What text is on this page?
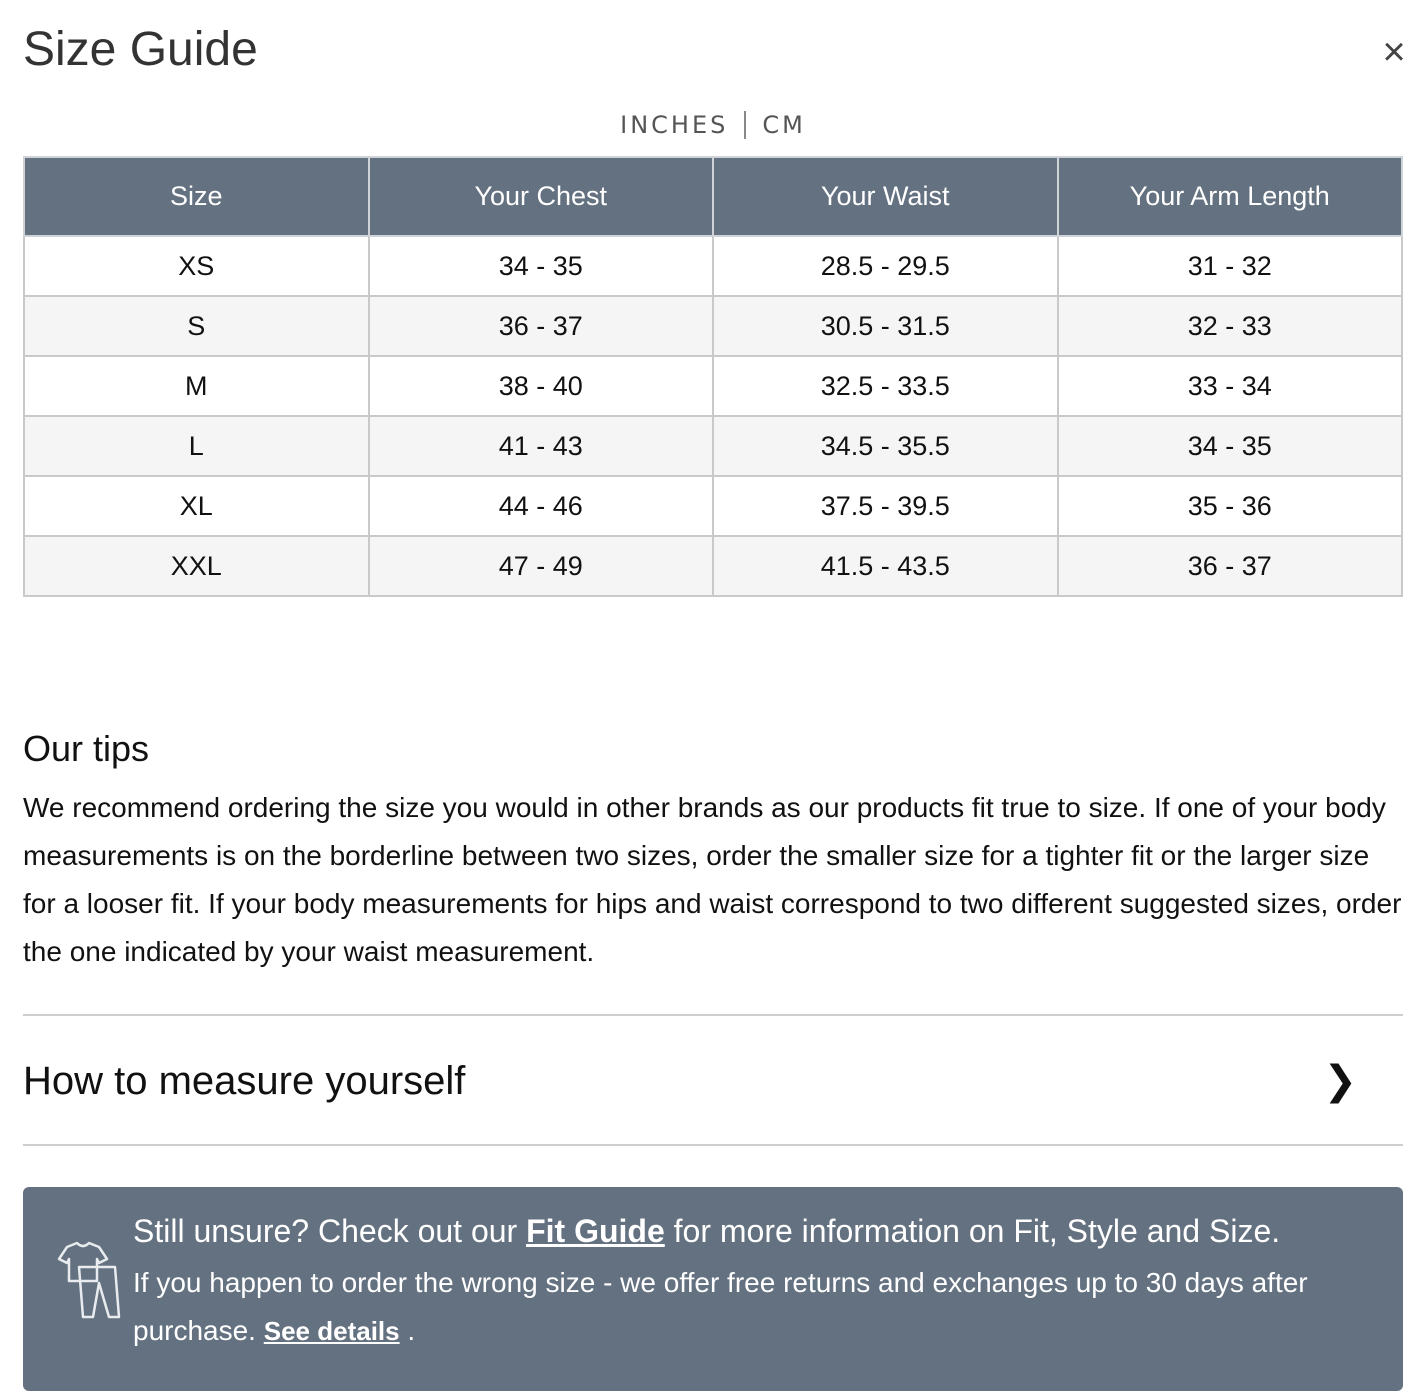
Size Guide	×
INCHES CM
Size	Your Chest	Your Waist	Your Arm Length
XS	34 - 35	28.5 - 29.5	31 - 32
S	36 - 37	30.5 - 31.5	32 - 33
M	38 - 40	32.5 - 33.5	33 - 34
L	41 - 43	34.5 - 35.5	34 - 35
XL	44 - 46	37.5 - 39.5	35 - 36
XXL	47 - 49	41.5 - 43.5	36 - 37
Our tips

We recommend ordering the size you would in other brands as our products fit true to size. If one of your body measurements is on the borderline between two sizes, order the smaller size for a tighter fit or the larger size for a looser fit. If your body measurements for hips and waist correspond to two different suggested sizes, order the one indicated by your waist measurement.

How to measure yourself	❯
Still unsure? Check out our Fit Guide for more information on Fit, Style and Size.
If you happen to order the wrong size - we offer free returns and exchanges up to 30 days after purchase. See details .
